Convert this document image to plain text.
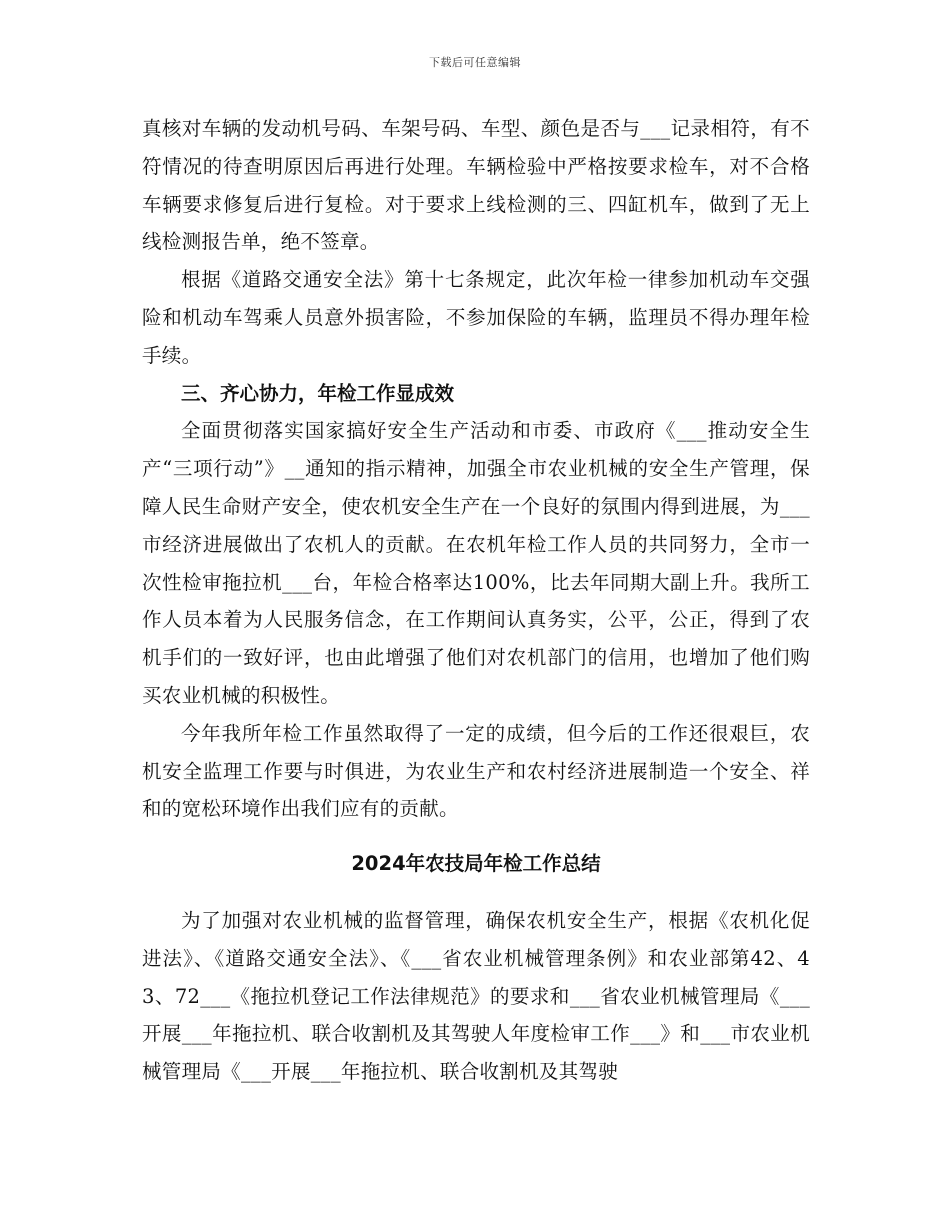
下载后可任意编辑

真核对车辆的发动机号码、车架号码、车型、颜色是否与___记录相符，有不符情况的待查明原因后再进行处理。车辆检验中严格按要求检车，对不合格车辆要求修复后进行复检。对于要求上线检测的三、四缸机车，做到了无上线检测报告单，绝不签章。

根据《道路交通安全法》第十七条规定，此次年检一律参加机动车交强险和机动车驾乘人员意外损害险，不参加保险的车辆，监理员不得办理年检手续。

三、齐心协力，年检工作显成效

全面贯彻落实国家搞好安全生产活动和市委、市政府《___推动安全生产“三项行动”》__通知的指示精神，加强全市农业机械的安全生产管理，保障人民生命财产安全，使农机安全生产在一个良好的氛围内得到进展，为___市经济进展做出了农机人的贡献。在农机年检工作人员的共同努力，全市一次性检审拖拉机___台，年检合格率达100%，比去年同期大副上升。我所工作人员本着为人民服务信念，在工作期间认真务实，公平，公正，得到了农机手们的一致好评，也由此增强了他们对农机部门的信用，也增加了他们购买农业机械的积极性。

今年我所年检工作虽然取得了一定的成绩，但今后的工作还很艰巨，农机安全监理工作要与时俱进，为农业生产和农村经济进展制造一个安全、祥和的宽松环境作出我们应有的贡献。

2024年农技局年检工作总结

为了加强对农业机械的监督管理，确保农机安全生产，根据《农机化促进法》、《道路交通安全法》、《___省农业机械管理条例》和农业部第42、43、72___《拖拉机登记工作法律规范》的要求和___省农业机械管理局《___开展___年拖拉机、联合收割机及其驾驶人年度检审工作___》和___市农业机械管理局《___开展___年拖拉机、联合收割机及其驾驶
